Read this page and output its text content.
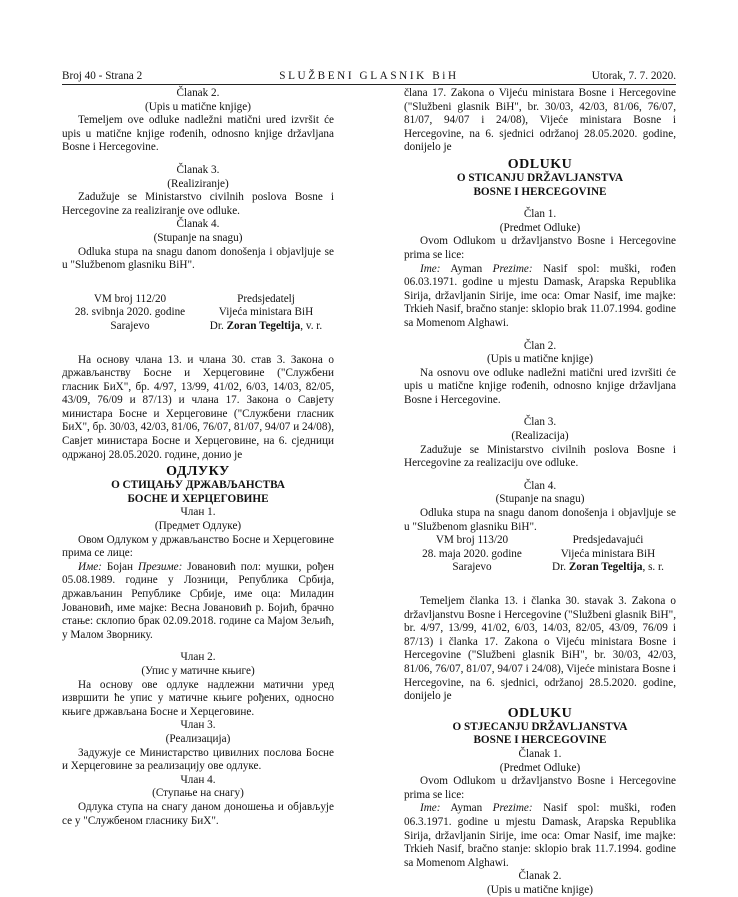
Broj 40 - Strana 2	SLUŽBENI GLASNIK BiH	Utorak, 7. 7. 2020.
Članak 2.
(Upis u matične knjige)
Temeljem ove odluke nadležni matični ured izvršit će upis u matične knjige rođenih, odnosno knjige državljana Bosne i Hercegovine.
Članak 3.
(Realiziranje)
Zadužuje se Ministarstvo civilnih poslova Bosne i Hercegovine za realiziranje ove odluke.
Članak 4.
(Stupanje na snagu)
Odluka stupa na snagu danom donošenja i objavljuje se u "Službenom glasniku BiH".
VM broj 112/20
28. svibnja 2020. godine
Sarajevo
Predsjedatelj
Vijeća ministara BiH
Dr. Zoran Tegeltija, v. r.
На основу члана 13. и члана 30. став 3. Закона о држављанству Босне и Херцеговине ("Службени гласник БиХ", бр. 4/97, 13/99, 41/02, 6/03, 14/03, 82/05, 43/09, 76/09 и 87/13) и члана 17. Закона о Савјету министара Босне и Херцеговине ("Службени гласник БиХ", бр. 30/03, 42/03, 81/06, 76/07, 81/07, 94/07 и 24/08), Савјет министара Босне и Херцеговине, на 6. сједници одржаној 28.05.2020. године, донио је
ОДЛУКУ
О СТИЦАЊУ ДРЖАВЉАНСТВА
БОСНЕ И ХЕРЦЕГОВИНЕ
Члан 1.
(Предмет Одлуке)
Овом Одлуком у држављанство Босне и Херцеговине прима се лице:
Име: Бојан Презиме: Јовановић пол: мушки, рођен 05.08.1989. године у Лозници, Република Србија, држављанин Републике Србије, име оца: Миладин Јовановић, име мајке: Весна Јовановић р. Бојић, брачно стање: склопио брак 02.09.2018. године са Мајом Зељић, у Малом Зворнику.
Члан 2.
(Упис у матичне књиге)
На основу ове одлуке надлежни матични уред извршити ће упис у матичне књиге рођених, односно књиге држављана Босне и Херцеговине.
Члан 3.
(Реализација)
Задужује се Министарство цивилних послова Босне и Херцеговине за реализацију ове одлуке.
Члан 4.
(Ступање на снагу)
Одлука ступа на снагу даном доношења и објављује се у "Службеном гласнику БиХ".
člana 17. Zakona o Vijeću ministara Bosne i Hercegovine ("Službeni glasnik BiH", br. 30/03, 42/03, 81/06, 76/07, 81/07, 94/07 i 24/08), Vijeće ministara Bosne i Hercegovine, na 6. sjednici održanoj 28.05.2020. godine, donijelo je
ODLUKU
O STICANJU DRŽAVLJANSTVA
BOSNE I HERCEGOVINE
Član 1.
(Predmet Odluke)
Ovom Odlukom u državljanstvo Bosne i Hercegovine prima se lice:
Ime: Ayman Prezime: Nasif spol: muški, rođen 06.03.1971. godine u mjestu Damask, Arapska Republika Sirija, državljanin Sirije, ime oca: Omar Nasif, ime majke: Trkieh Nasif, bračno stanje: sklopio brak 11.07.1994. godine sa Momenom Alghawi.
Član 2.
(Upis u matične knjige)
Na osnovu ove odluke nadležni matični ured izvršiti će upis u matične knjige rođenih, odnosno knjige državljana Bosne i Hercegovine.
Član 3.
(Realizacija)
Zadužuje se Ministarstvo civilnih poslova Bosne i Hercegovine za realizaciju ove odluke.
Član 4.
(Stupanje na snagu)
Odluka stupa na snagu danom donošenja i objavljuje se u "Službenom glasniku BiH".
VM broj 113/20
28. maja 2020. godine
Sarajevo
Predsjedavajući
Vijeća ministara BiH
Dr. Zoran Tegeltija, s. r.
Temeljem članka 13. i članka 30. stavak 3. Zakona o državljanstvu Bosne i Hercegovine ("Službeni glasnik BiH", br. 4/97, 13/99, 41/02, 6/03, 14/03, 82/05, 43/09, 76/09 i 87/13) i članka 17. Zakona o Vijeću ministara Bosne i Hercegovine ("Službeni glasnik BiH", br. 30/03, 42/03, 81/06, 76/07, 81/07, 94/07 i 24/08), Vijeće ministara Bosne i Hercegovine, na 6. sjednici, održanoj 28.5.2020. godine, donijelo je
ODLUKU
O STJECANJU DRŽAVLJANSTVA
BOSNE I HERCEGOVINE
Članak 1.
(Predmet Odluke)
Ovom Odlukom u državljanstvo Bosne i Hercegovine prima se lice:
Ime: Ayman Prezime: Nasif spol: muški, rođen 06.3.1971. godine u mjestu Damask, Arapska Republika Sirija, državljanin Sirije, ime oca: Omar Nasif, ime majke: Trkieh Nasif, bračno stanje: sklopio brak 11.7.1994. godine sa Momenom Alghawi.
Članak 2.
(Upis u matične knjige)
